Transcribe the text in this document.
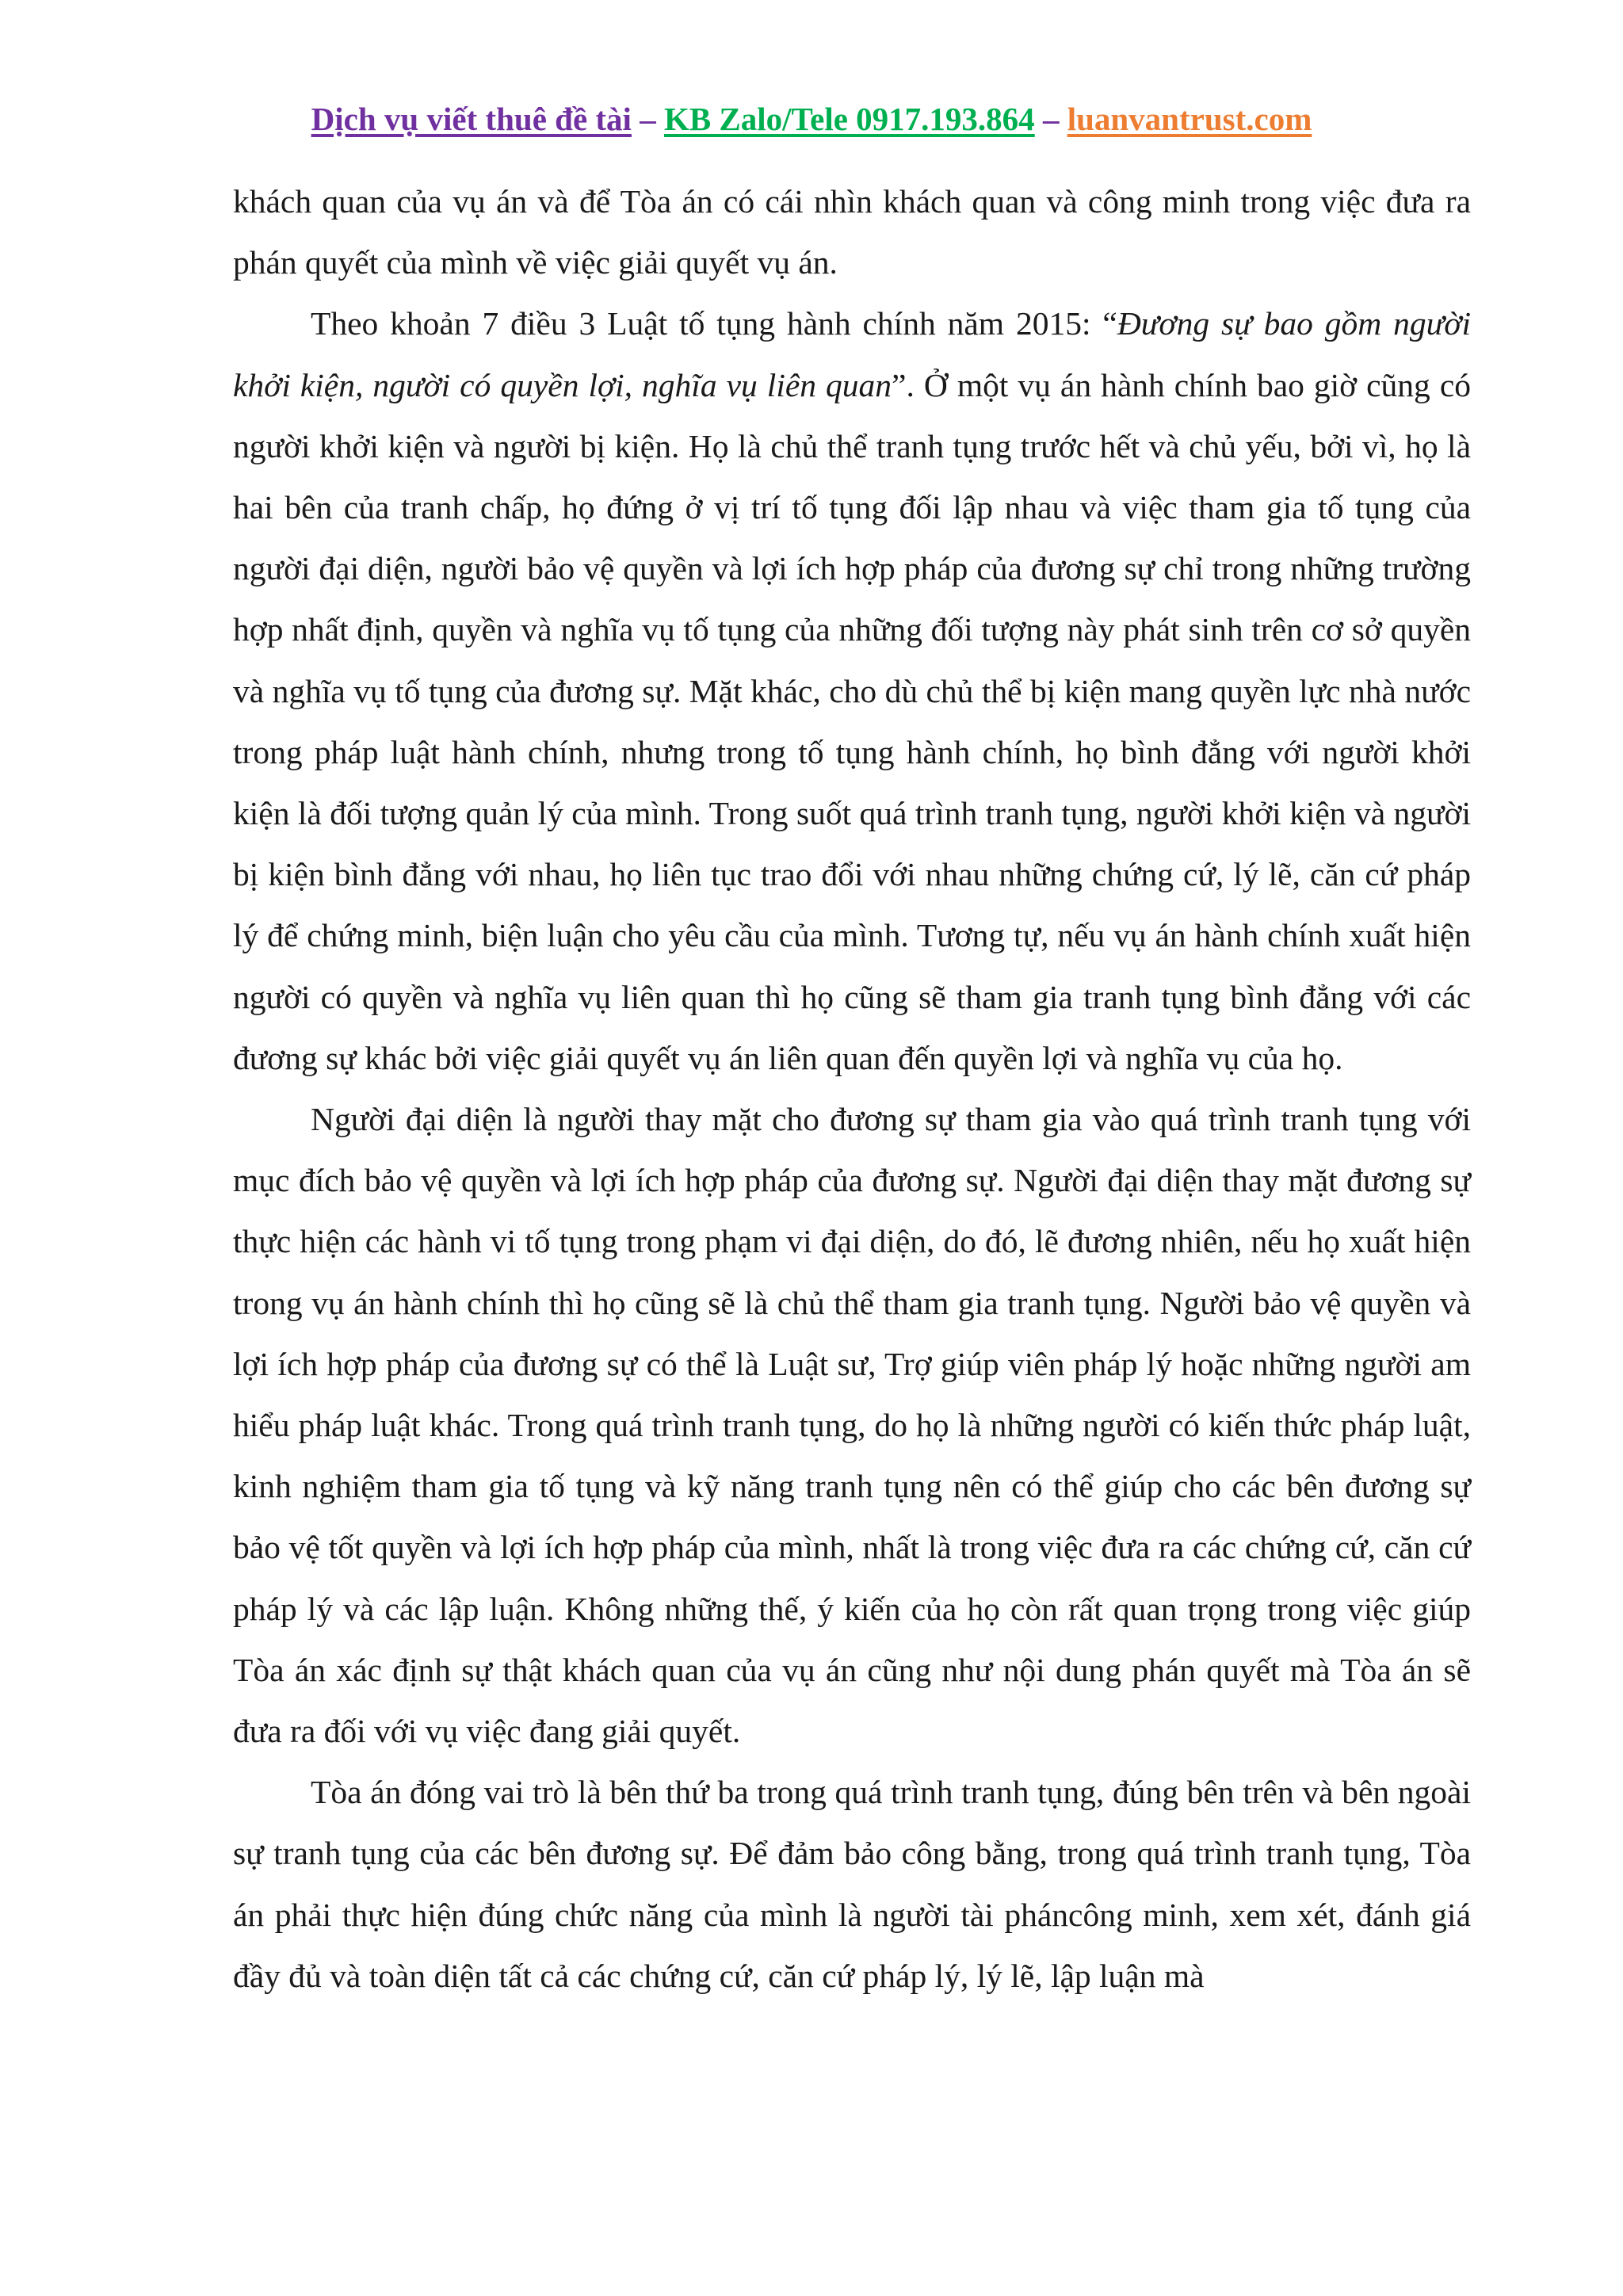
Dịch vụ viết thuê đề tài – KB Zalo/Tele 0917.193.864 – luanvantrust.com

khách quan của vụ án và để Tòa án có cái nhìn khách quan và công minh trong việc đưa ra phán quyết của mình về việc giải quyết vụ án.

Theo khoản 7 điều 3 Luật tố tụng hành chính năm 2015: “Đương sự bao gồm người khởi kiện, người có quyền lợi, nghĩa vụ liên quan”. Ở một vụ án hành chính bao giờ cũng có người khởi kiện và người bị kiện. Họ là chủ thể tranh tụng trước hết và chủ yếu, bởi vì, họ là hai bên của tranh chấp, họ đứng ở vị trí tố tụng đối lập nhau và việc tham gia tố tụng của người đại diện, người bảo vệ quyền và lợi ích hợp pháp của đương sự chỉ trong những trường hợp nhất định, quyền và nghĩa vụ tố tụng của những đối tượng này phát sinh trên cơ sở quyền và nghĩa vụ tố tụng của đương sự. Mặt khác, cho dù chủ thể bị kiện mang quyền lực nhà nước trong pháp luật hành chính, nhưng trong tố tụng hành chính, họ bình đẳng với người khởi kiện là đối tượng quản lý của mình. Trong suốt quá trình tranh tụng, người khởi kiện và người bị kiện bình đẳng với nhau, họ liên tục trao đổi với nhau những chứng cứ, lý lẽ, căn cứ pháp lý để chứng minh, biện luận cho yêu cầu của mình. Tương tự, nếu vụ án hành chính xuất hiện người có quyền và nghĩa vụ liên quan thì họ cũng sẽ tham gia tranh tụng bình đẳng với các đương sự khác bởi việc giải quyết vụ án liên quan đến quyền lợi và nghĩa vụ của họ.

Người đại diện là người thay mặt cho đương sự tham gia vào quá trình tranh tụng với mục đích bảo vệ quyền và lợi ích hợp pháp của đương sự. Người đại diện thay mặt đương sự thực hiện các hành vi tố tụng trong phạm vi đại diện, do đó, lẽ đương nhiên, nếu họ xuất hiện trong vụ án hành chính thì họ cũng sẽ là chủ thể tham gia tranh tụng. Người bảo vệ quyền và lợi ích hợp pháp của đương sự có thể là Luật sư, Trợ giúp viên pháp lý hoặc những người am hiểu pháp luật khác. Trong quá trình tranh tụng, do họ là những người có kiến thức pháp luật, kinh nghiệm tham gia tố tụng và kỹ năng tranh tụng nên có thể giúp cho các bên đương sự bảo vệ tốt quyền và lợi ích hợp pháp của mình, nhất là trong việc đưa ra các chứng cứ, căn cứ pháp lý và các lập luận. Không những thế, ý kiến của họ còn rất quan trọng trong việc giúp Tòa án xác định sự thật khách quan của vụ án cũng như nội dung phán quyết mà Tòa án sẽ đưa ra đối với vụ việc đang giải quyết.

Tòa án đóng vai trò là bên thứ ba trong quá trình tranh tụng, đúng bên trên và bên ngoài sự tranh tụng của các bên đương sự. Để đảm bảo công bằng, trong quá trình tranh tụng, Tòa án phải thực hiện đúng chức năng của mình là người tài pháncông minh, xem xét, đánh giá đầy đủ và toàn diện tất cả các chứng cứ, căn cứ pháp lý, lý lẽ, lập luận mà
